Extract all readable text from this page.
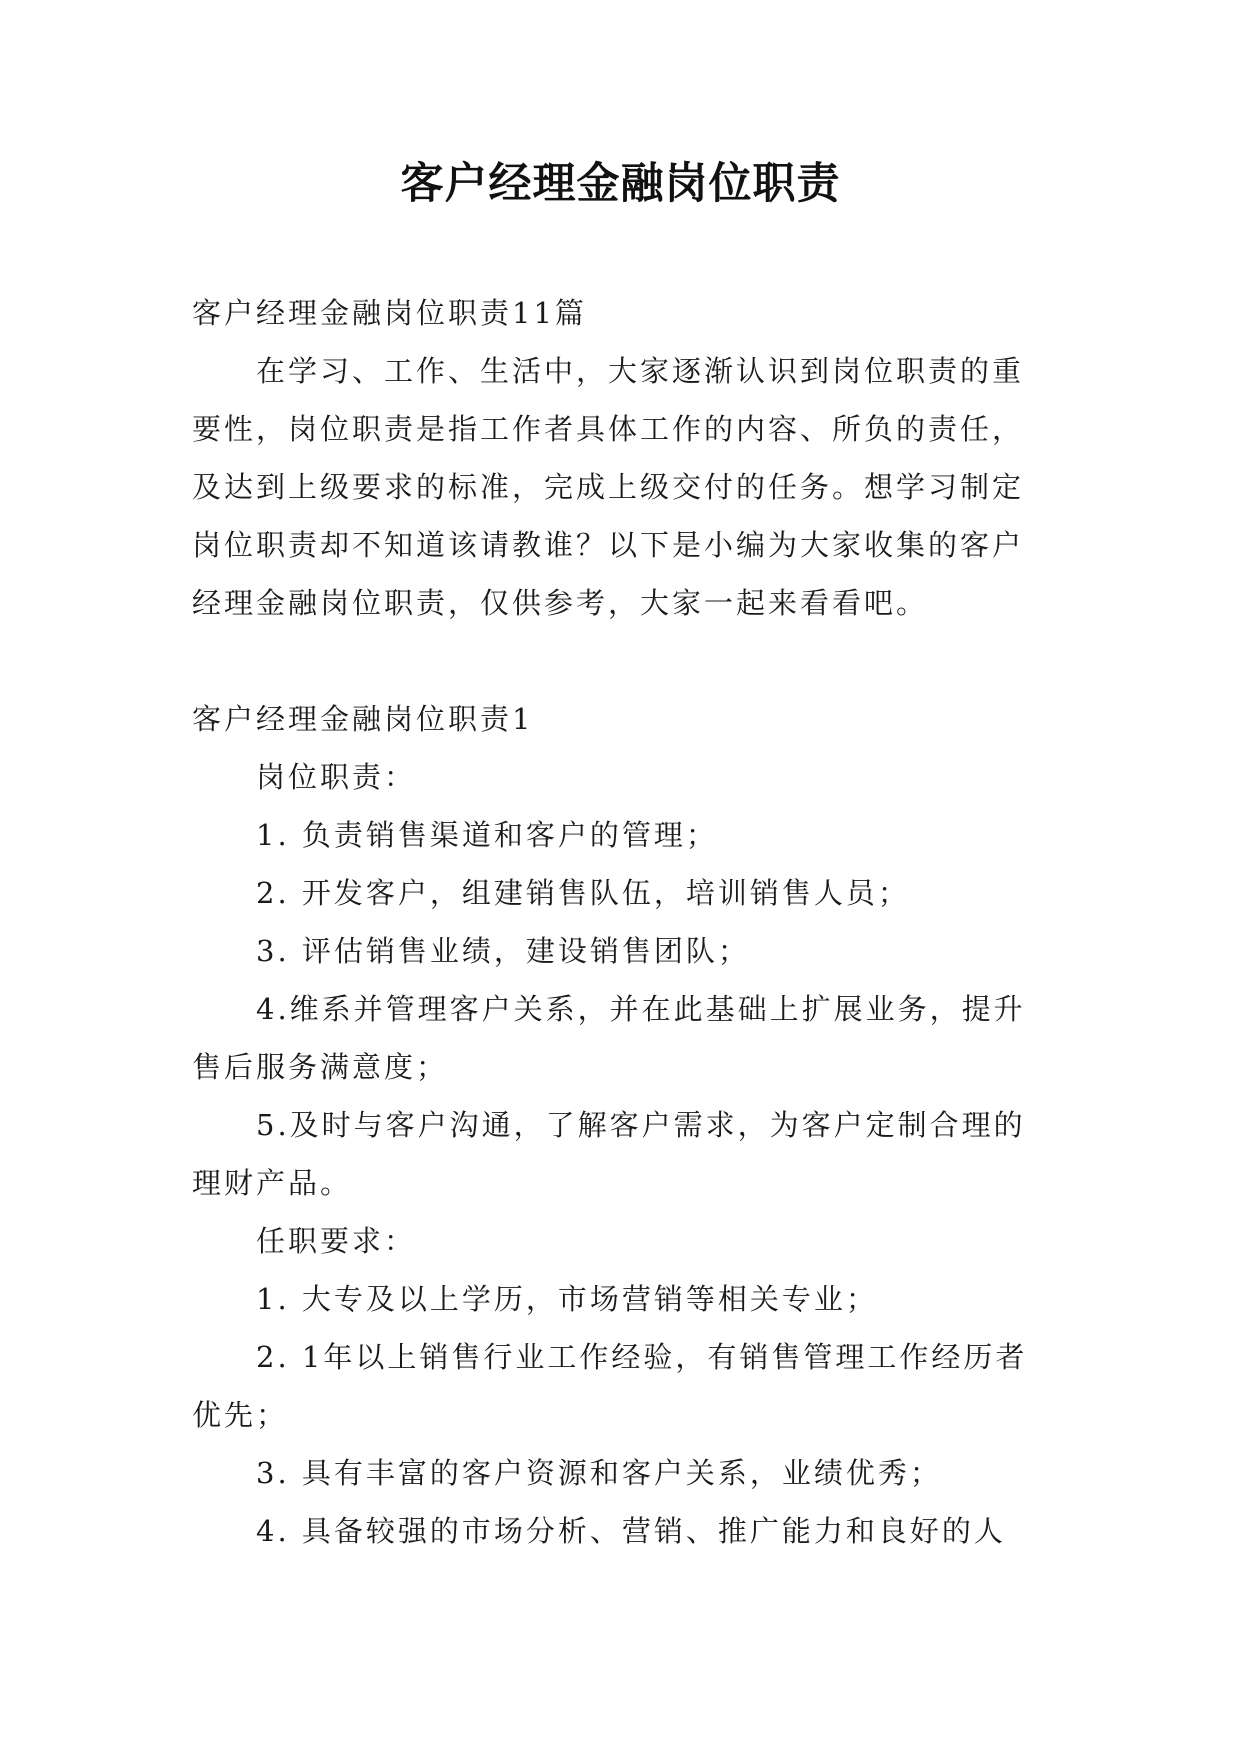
客户经理金融岗位职责

客户经理金融岗位职责11篇

在学习、工作、生活中，大家逐渐认识到岗位职责的重要性，岗位职责是指工作者具体工作的内容、所负的责任，及达到上级要求的标准，完成上级交付的任务。想学习制定岗位职责却不知道该请教谁？以下是小编为大家收集的客户经理金融岗位职责，仅供参考，大家一起来看看吧。

客户经理金融岗位职责1

岗位职责：

1. 负责销售渠道和客户的管理；

2. 开发客户，组建销售队伍，培训销售人员；

3. 评估销售业绩，建设销售团队；

4.维系并管理客户关系，并在此基础上扩展业务，提升售后服务满意度；

5.及时与客户沟通，了解客户需求，为客户定制合理的理财产品。

任职要求：

1. 大专及以上学历，市场营销等相关专业；

2. 1年以上销售行业工作经验，有销售管理工作经历者优先；

3. 具有丰富的客户资源和客户关系，业绩优秀；

4. 具备较强的市场分析、营销、推广能力和良好的人
